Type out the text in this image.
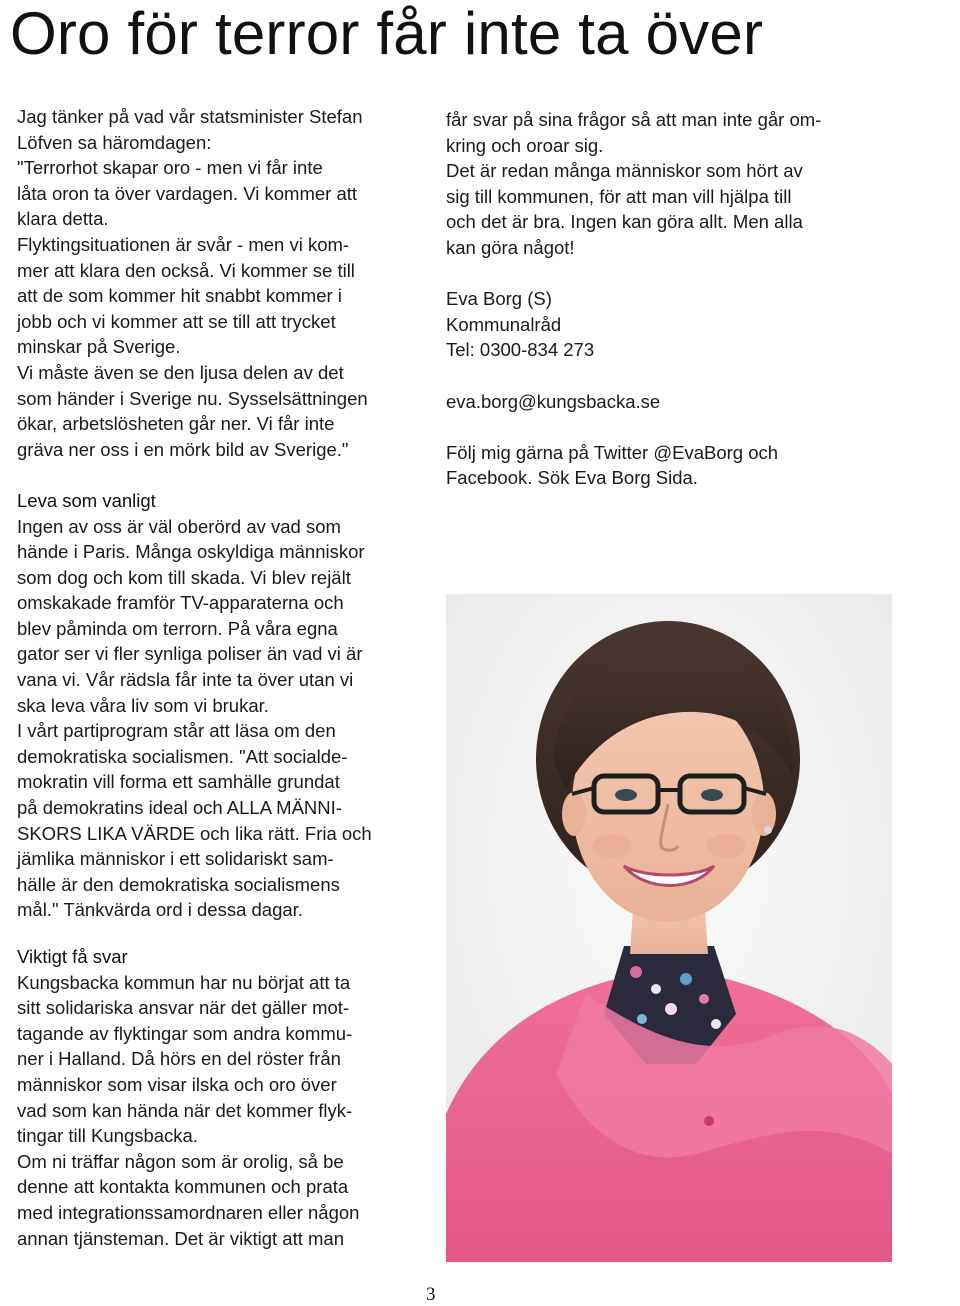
Oro för terror får inte ta över
Jag tänker på vad vår statsminister Stefan
Löfven sa häromdagen:
"Terrorhot skapar oro - men vi får inte
låta oron ta över vardagen. Vi kommer att
klara detta.
Flyktingsituationen är svår - men vi kom-
mer att klara den också. Vi kommer se till
att de som kommer hit snabbt kommer i
jobb och vi kommer att se till att trycket
minskar på Sverige.
Vi måste även se den ljusa delen av det
som händer i Sverige nu. Sysselsättningen
ökar, arbetslösheten går ner. Vi får inte
gräva ner oss i en mörk bild av Sverige."
Leva som vanligt
Ingen av oss är väl oberörd av vad som
hände i Paris. Många oskyldiga människor
som dog och kom till skada. Vi blev rejält
omskakade framför TV-apparaterna och
blev påminda om terrorn. På våra egna
gator ser vi fler synliga poliser än vad vi är
vana vi. Vår rädsla får inte ta över utan vi
ska leva våra liv som vi brukar.
I vårt partiprogram står att läsa om den
demokratiska socialismen. "Att socialde-
mokratin vill forma ett samhälle grundat
på demokratins ideal och ALLA MÄNNI-
SKORS LIKA VÄRDE och lika rätt. Fria och
jämlika människor i ett solidariskt sam-
hälle är den demokratiska socialismens
mål." Tänkvärda ord i dessa dagar.
Viktigt få svar
Kungsbacka kommun har nu börjat att ta
sitt solidariska ansvar när det gäller mot-
tagande av flyktingar som andra kommu-
ner i Halland. Då hörs en del röster från
människor som visar ilska och oro över
vad som kan hända när det kommer flyk-
tingar till Kungsbacka.
Om ni träffar någon som är orolig, så be
denne att kontakta kommunen och prata
med integrationssamordnaren eller någon
annan tjänsteman. Det är viktigt att man
får svar på sina frågor så att man inte går om-
kring och oroar sig.
Det är redan många människor som hört av
sig till kommunen, för att man vill hjälpa till
och det är bra. Ingen kan göra allt. Men alla
kan göra något!
Eva Borg (S)
Kommunalråd
Tel: 0300-834 273
eva.borg@kungsbacka.se
Följ mig gärna på Twitter @EvaBorg och
Facebook. Sök Eva Borg Sida.
3
